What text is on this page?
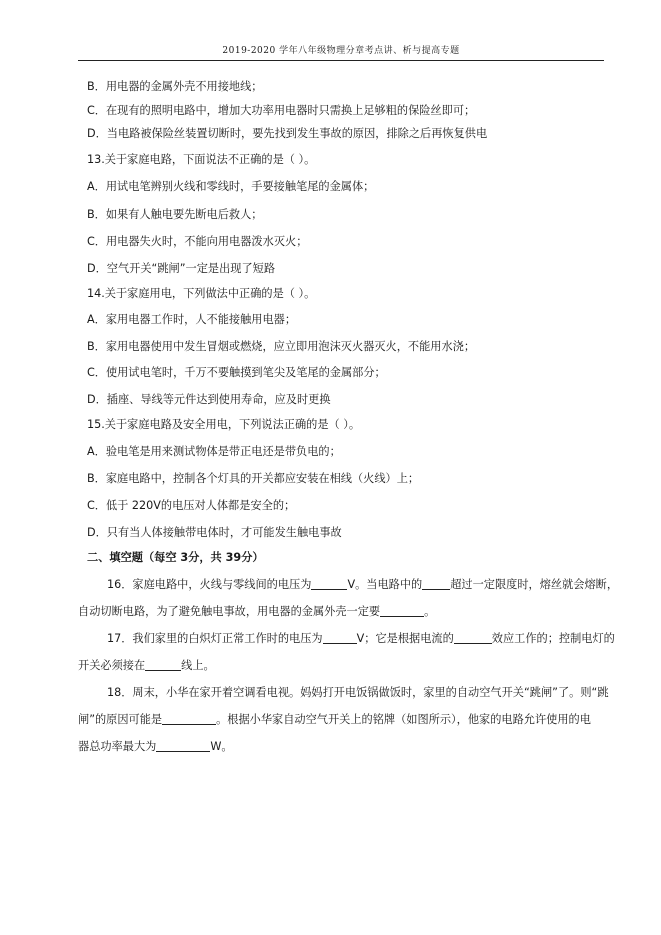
2019-2020 学年八年级物理分章考点讲、析与提高专题
B．用电器的金属外壳不用接地线；
C．在现有的照明电路中，增加大功率用电器时只需换上足够粗的保险丝即可；
D．当电路被保险丝装置切断时，要先找到发生事故的原因，排除之后再恢复供电
13.关于家庭电路，下面说法不正确的是（ ）。
A．用试电笔辨别火线和零线时，手要接触笔尾的金属体；
B．如果有人触电要先断电后救人；
C．用电器失火时，不能向用电器泼水灭火；
D．空气开关“跳闸”一定是出现了短路
14.关于家庭用电，下列做法中正确的是（ ）。
A．家用电器工作时，人不能接触用电器；
B．家用电器使用中发生冒烟或燃烧，应立即用泡沫灭火器灭火，不能用水浇；
C．使用试电笔时，千万不要触摸到笔尖及笔尾的金属部分；
D．插座、导线等元件达到使用寿命，应及时更换
15.关于家庭电路及安全用电，下列说法正确的是（ ）。
A．验电笔是用来测试物体是带正电还是带负电的；
B．家庭电路中，控制各个灯具的开关都应安装在相线（火线）上；
C．低于 220V的电压对人体都是安全的；
D．只有当人体接触带电体时，才可能发生触电事故
二、填空题（每空 3分，共 39分）
16．家庭电路中，火线与零线间的电压为	V。当电路中的	超过一定限度时，熔丝就会熔断，
自动切断电路，为了避免触电事故，用电器的金属外壳一定要	。
17．我们家里的白炽灯正常工作时的电压为	V；它是根据电流的	效应工作的；控制电灯的
开关必须接在	线上。
18．周末，小华在家开着空调看电视。妈妈打开电饭锅做饭时，家里的自动空气开关“跳闸”了。则“跳
闸”的原因可能是	。根据小华家自动空气开关上的铭牌（如图所示），他家的电路允许使用的电
器总功率最大为	W。
